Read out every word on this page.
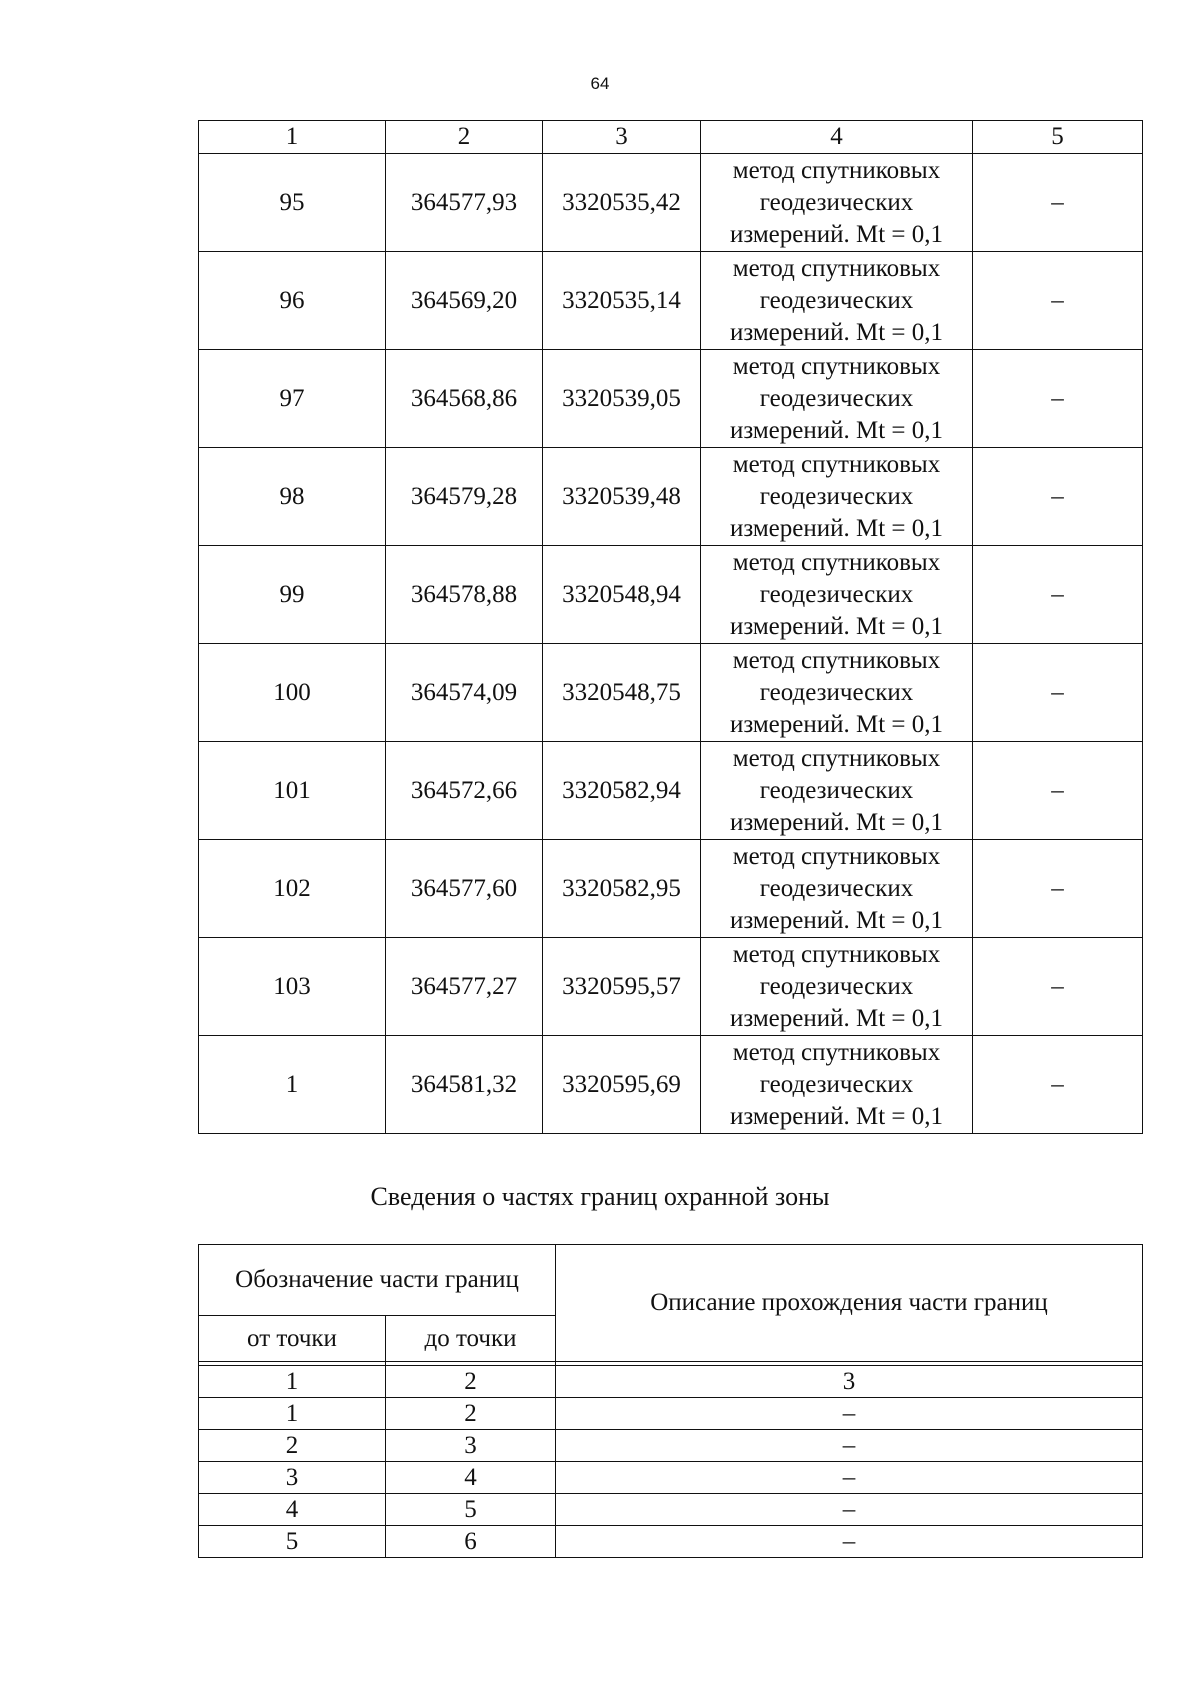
64
1	2	3	4	5
95	364577,93	3320535,42	метод спутниковых
геодезических
измерений. Mt = 0,1	–
96	364569,20	3320535,14	метод спутниковых
геодезических
измерений. Mt = 0,1	–
97	364568,86	3320539,05	метод спутниковых
геодезических
измерений. Mt = 0,1	–
98	364579,28	3320539,48	метод спутниковых
геодезических
измерений. Mt = 0,1	–
99	364578,88	3320548,94	метод спутниковых
геодезических
измерений. Mt = 0,1	–
100	364574,09	3320548,75	метод спутниковых
геодезических
измерений. Mt = 0,1	–
101	364572,66	3320582,94	метод спутниковых
геодезических
измерений. Mt = 0,1	–
102	364577,60	3320582,95	метод спутниковых
геодезических
измерений. Mt = 0,1	–
103	364577,27	3320595,57	метод спутниковых
геодезических
измерений. Mt = 0,1	–
1	364581,32	3320595,69	метод спутниковых
геодезических
измерений. Mt = 0,1	–
Сведения о частях границ охранной зоны
Обозначение части границ		Описание прохождения части границ
от точки	до точки	

1	2	3
1	2	–
2	3	–
3	4	–
4	5	–
5	6	–
